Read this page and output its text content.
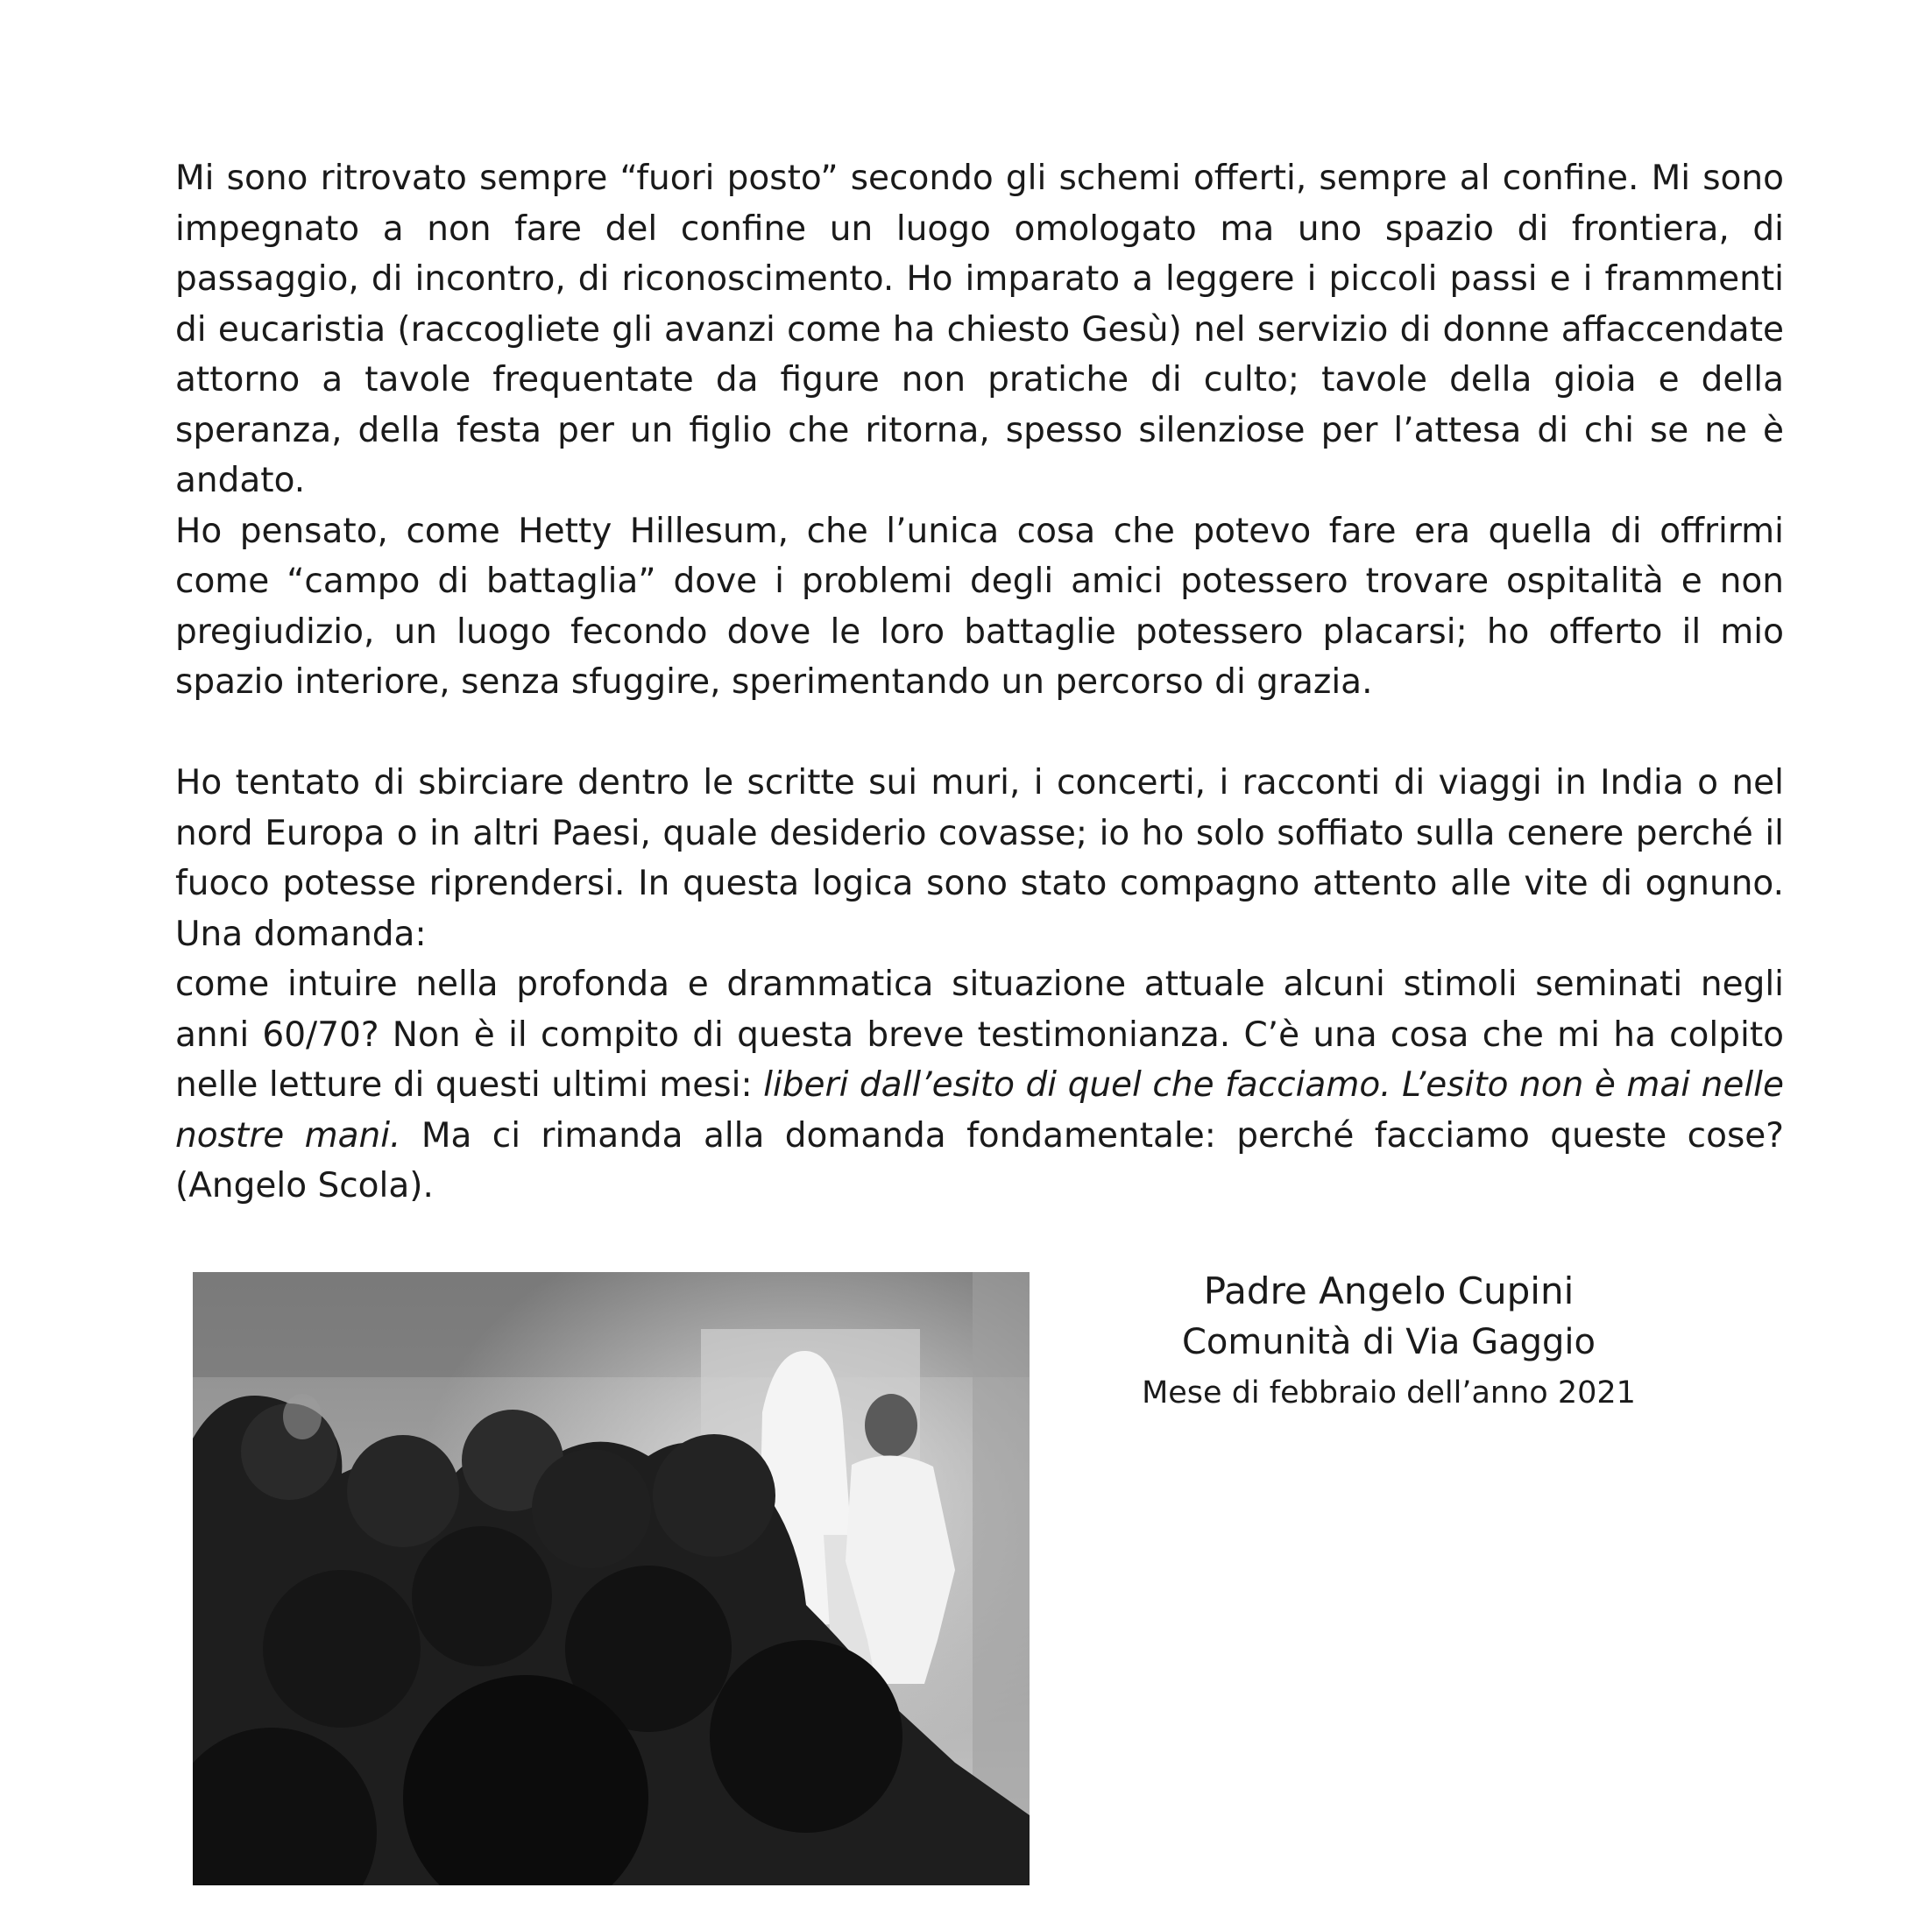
Mi sono ritrovato sempre “fuori posto” secondo gli schemi offerti, sempre al confine. Mi sono impegnato a non fare del confine un luogo omologato ma uno spazio di frontiera, di passaggio, di incontro, di riconoscimento. Ho imparato a leggere i piccoli passi e i frammenti di eucaristia (raccogliete gli avanzi come ha chiesto Gesù) nel servizio di donne affaccendate attorno a tavole frequentate da figure non pratiche di culto; tavole della gioia e della speranza, della festa per un figlio che ritorna, spesso silenziose per l’attesa di chi se ne è andato.

Ho pensato, come Hetty Hillesum, che l’unica cosa che potevo fare era quella di offrirmi come “campo di battaglia” dove i problemi degli amici potessero trovare ospitalità e non pregiudizio, un luogo fecondo dove le loro battaglie potessero placarsi; ho offerto il mio spazio interiore, senza sfuggire, sperimentando un percorso di grazia.

Ho tentato di sbirciare dentro le scritte sui muri, i concerti, i racconti di viaggi in India o nel nord Europa o in altri Paesi, quale desiderio covasse; io ho solo soffiato sulla cenere perché il fuoco potesse riprendersi. In questa logica sono stato compagno attento alle vite di ognuno. Una domanda:

come intuire nella profonda e drammatica situazione attuale alcuni stimoli seminati negli anni 60/70? Non è il compito di questa breve testimonianza. C’è una cosa che mi ha colpito nelle letture di questi ultimi mesi: liberi dall’esito di quel che facciamo. L’esito non è mai nelle nostre mani. Ma ci rimanda alla domanda fondamentale: perché facciamo queste cose? (Angelo Scola).

Padre Angelo Cupini
Comunità di Via Gaggio
Mese di febbraio dell’anno 2021
